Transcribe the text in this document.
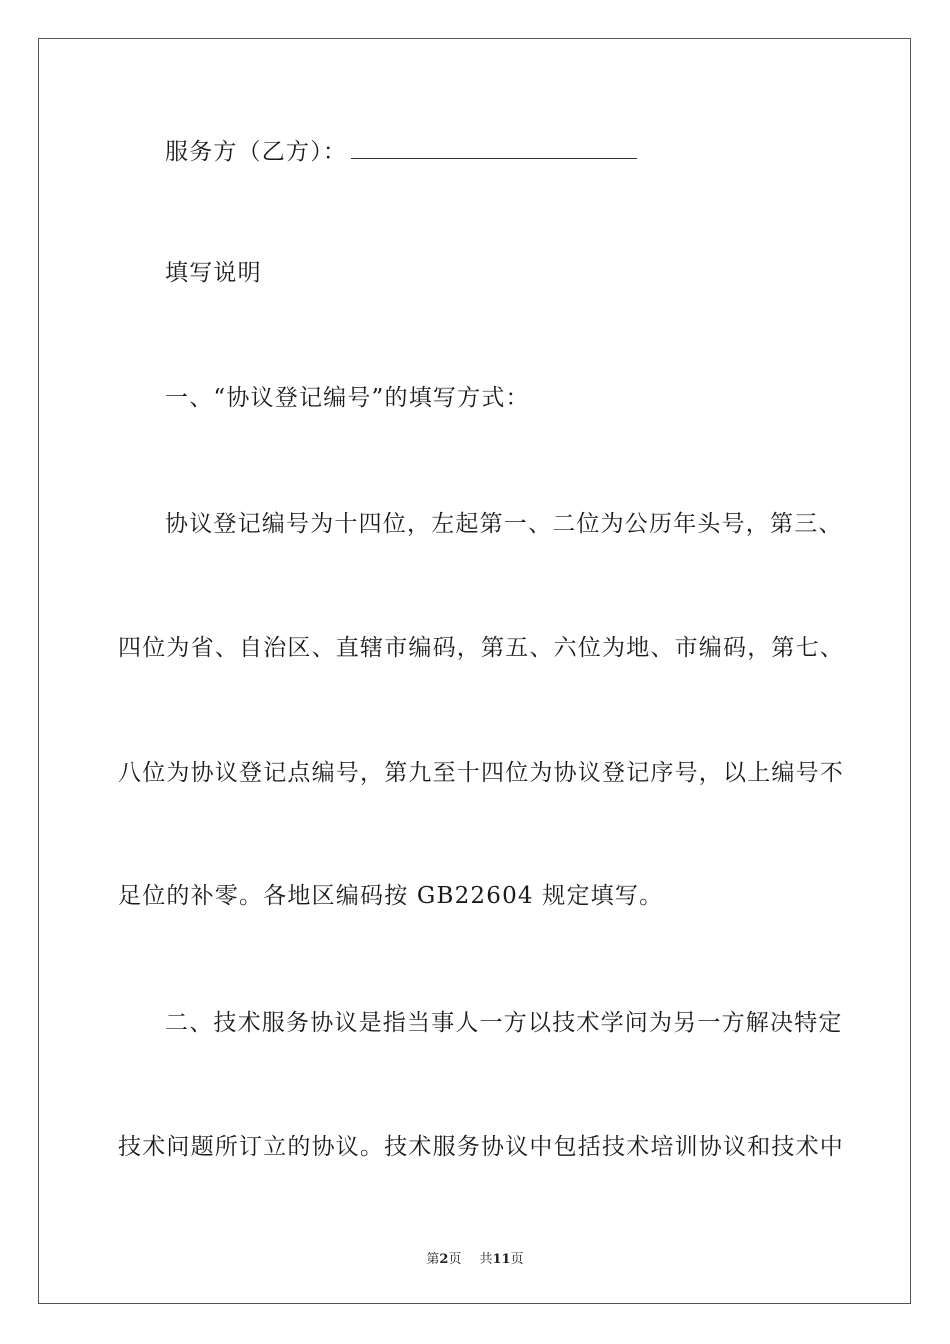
服务方（乙方）：
填写说明
一、“协议登记编号”的填写方式：
协议登记编号为十四位，左起第一、二位为公历年头号，第三、
四位为省、自治区、直辖市编码，第五、六位为地、市编码，第七、
八位为协议登记点编号，第九至十四位为协议登记序号，以上编号不
足位的补零。各地区编码按 GB22604 规定填写。
二、技术服务协议是指当事人一方以技术学问为另一方解决特定
技术问题所订立的协议。技术服务协议中包括技术培训协议和技术中
第2页 共11页
